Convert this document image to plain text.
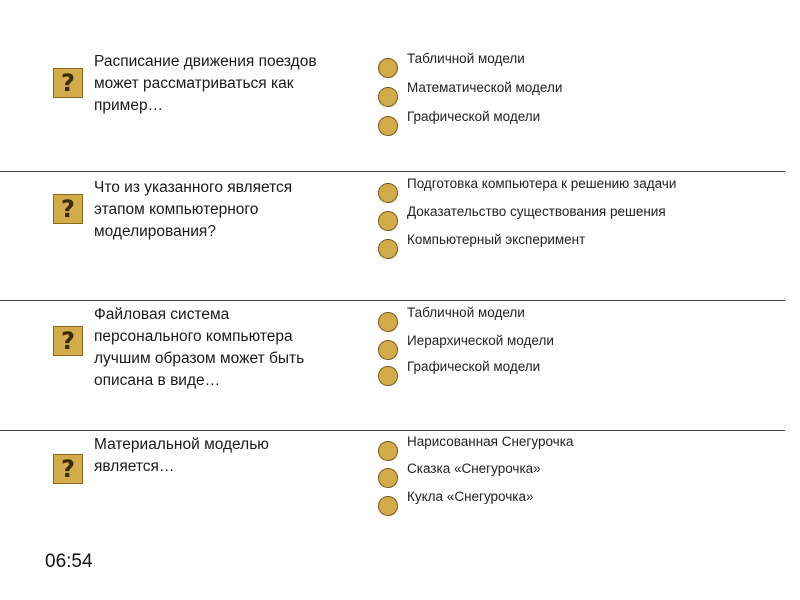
?
Расписание движения поездов может рассматриваться как пример…
Табличной модели
Математической модели
Графической модели
?
Что из указанного является этапом компьютерного моделирования?
Подготовка компьютера к решению задачи
Доказательство существования решения
Компьютерный эксперимент
?
Файловая система персонального компьютера лучшим образом может быть описана в виде…
Табличной модели
Иерархической модели
Графической модели
?
Материальной моделью является…
Нарисованная Снегурочка
Сказка «Снегурочка»
Кукла «Снегурочка»
06:54
